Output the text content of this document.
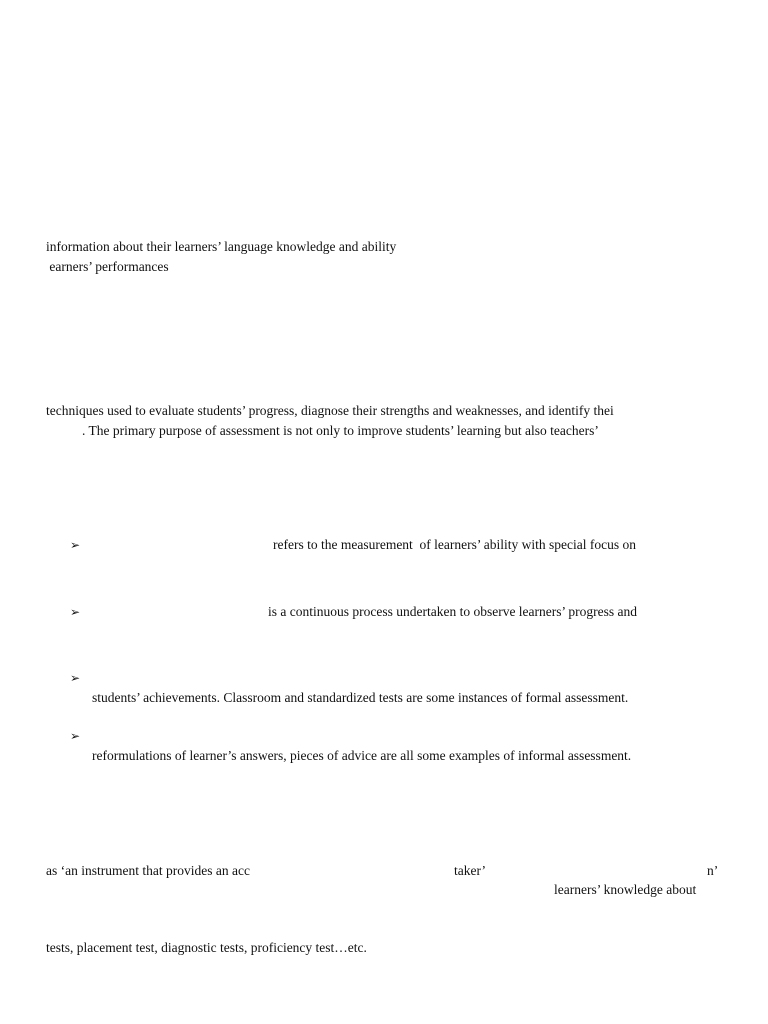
information about their learners’ language knowledge and ability
earners’ performances
techniques used to evaluate students’ progress, diagnose their strengths and weaknesses, and identify thei
. The primary purpose of assessment is not only to improve students’ learning but also teachers’
➢	refers to the measurement  of learners’ ability with special focus on
➢	is a continuous process undertaken to observe learners’ progress and
➢
students’ achievements. Classroom and standardized tests are some instances of formal assessment.
➢
reformulations of learner’s answers, pieces of advice are all some examples of informal assessment.
as ‘an instrument that provides an acc	taker’	n’
learners’ knowledge about
tests, placement test, diagnostic tests, proficiency test…etc.
